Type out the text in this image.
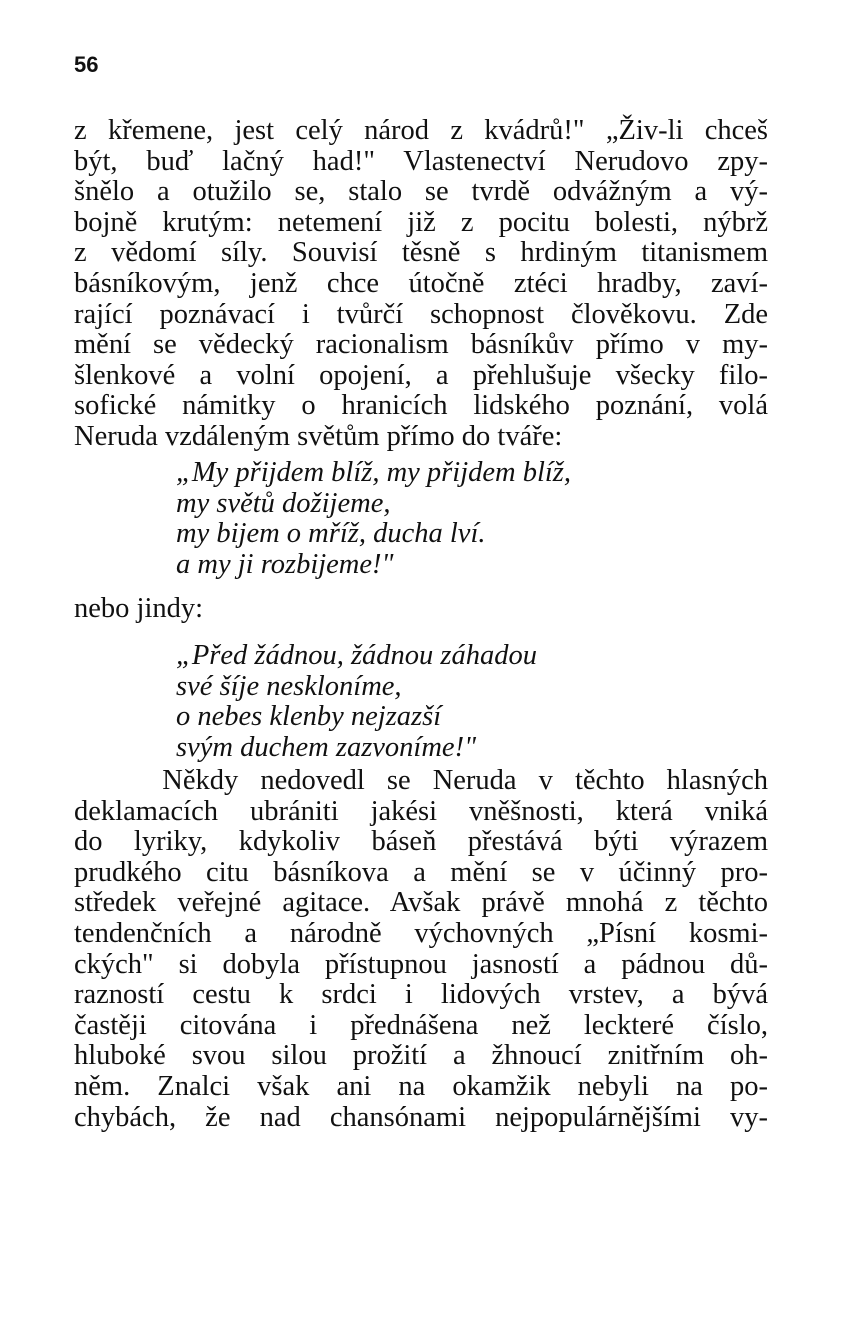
56
z křemene, jest celý národ z kvádrů!" „Živ-li chceš
být, buď lačný had!" Vlastenectví Nerudovo zpy-
šnělo a otužilo se, stalo se tvrdě odvážným a vý-
bojně krutým: netemení již z pocitu bolesti, nýbrž
z vědomí síly. Souvisí těsně s hrdiným titanismem
básníkovým, jenž chce útočně ztéci hradby, zaví-
rající poznávací i tvůrčí schopnost člověkovu. Zde
mění se vědecký racionalism básníkův přímo v my-
šlenkové a volní opojení, a přehlušuje všecky filo-
sofické námitky o hranicích lidského poznání, volá
Neruda vzdáleným světům přímo do tváře:
„My přijdem blíž, my přijdem blíž,
my světů dožijeme,
my bijem o mříž, ducha lví.
a my ji rozbijeme!"
nebo jindy:
„Před žádnou, žádnou záhadou
své šíje neskloníme,
o nebes klenby nejzazší
svým duchem zazvoníme!"
Někdy nedovedl se Neruda v těchto hlasných
deklamacích ubrániti jakési vněšnosti, která vniká
do lyriky, kdykoliv báseň přestává býti výrazem
prudkého citu básníkova a mění se v účinný pro-
středek veřejné agitace. Avšak právě mnohá z těchto
tendenčních a národně výchovných „Písní kosmi-
ckých" si dobyla přístupnou jasností a pádnou dů-
razností cestu k srdci i lidových vrstev, a bývá
častěji citována i přednášena než leckteré číslo,
hluboké svou silou prožití a žhnoucí znitřním oh-
něm. Znalci však ani na okamžik nebyli na po-
chybách, že nad chansónami nejpopulárnějšími vy-
